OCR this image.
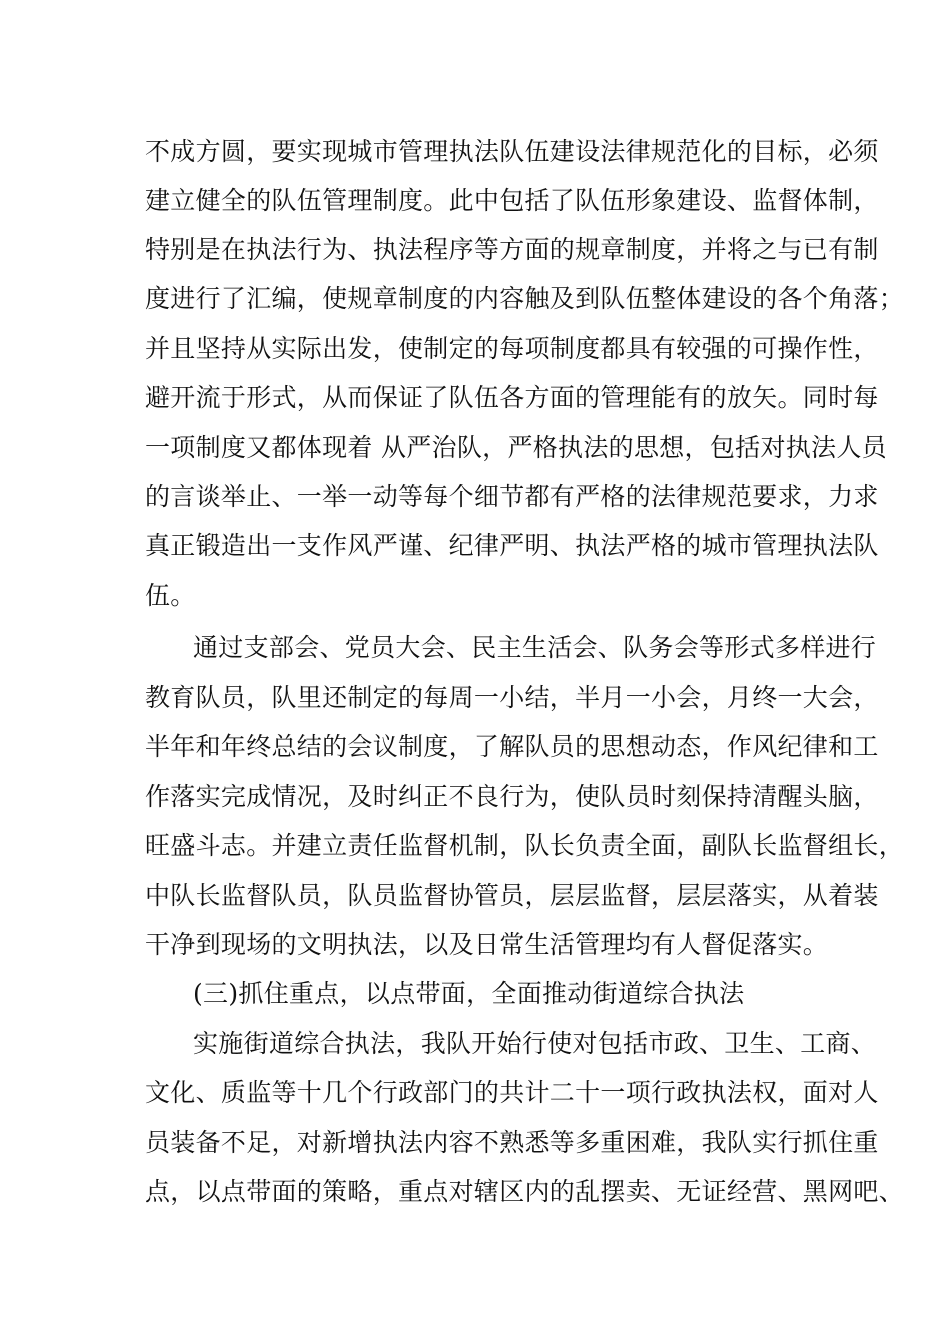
不成方圆，要实现城市管理执法队伍建设法律规范化的目标，必须
建立健全的队伍管理制度。此中包括了队伍形象建设、监督体制，
特别是在执法行为、执法程序等方面的规章制度，并将之与已有制
度进行了汇编，使规章制度的内容触及到队伍整体建设的各个角落；
并且坚持从实际出发，使制定的每项制度都具有较强的可操作性，
避开流于形式，从而保证了队伍各方面的管理能有的放矢。同时每
一项制度又都体现着 从严治队，严格执法的思想，包括对执法人员
的言谈举止、一举一动等每个细节都有严格的法律规范要求，力求
真正锻造出一支作风严谨、纪律严明、执法严格的城市管理执法队
伍。
通过支部会、党员大会、民主生活会、队务会等形式多样进行
教育队员，队里还制定的每周一小结，半月一小会，月终一大会，
半年和年终总结的会议制度，了解队员的思想动态，作风纪律和工
作落实完成情况，及时纠正不良行为，使队员时刻保持清醒头脑，
旺盛斗志。并建立责任监督机制，队长负责全面，副队长监督组长，
中队长监督队员，队员监督协管员，层层监督，层层落实，从着装
干净到现场的文明执法，以及日常生活管理均有人督促落实。
(三)抓住重点，以点带面，全面推动街道综合执法
实施街道综合执法，我队开始行使对包括市政、卫生、工商、
文化、质监等十几个行政部门的共计二十一项行政执法权，面对人
员装备不足，对新增执法内容不熟悉等多重困难，我队实行抓住重
点，以点带面的策略，重点对辖区内的乱摆卖、无证经营、黑网吧、
